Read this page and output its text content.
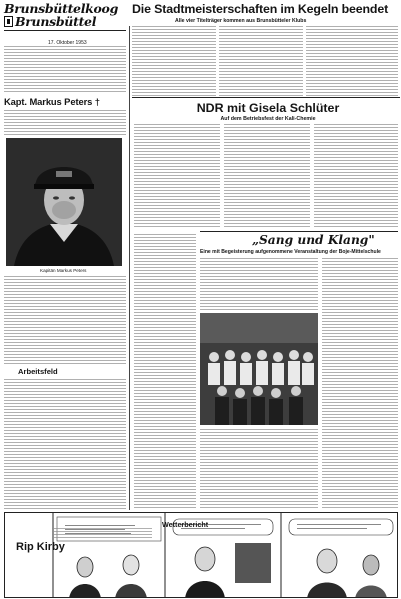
Brunsbüttelkoog
Brunsbüttel
17. Oktober 1953
Die Stadtmeisterschaften im Kegeln beendet
Alle vier Titelträger kommen aus Brunsbütteler Klubs
Kapt. Markus Peters †
Kapitän Markus Peters
Arbeitsfeld
NDR mit Gisela Schlüter
Auf dem Betriebsfest der Kali-Chemie
„Sang und Klang"
Eine mit Begeisterung aufgenommene Veranstaltung der Boje-Mittelschule
Wetterbericht
Rip Kirby
